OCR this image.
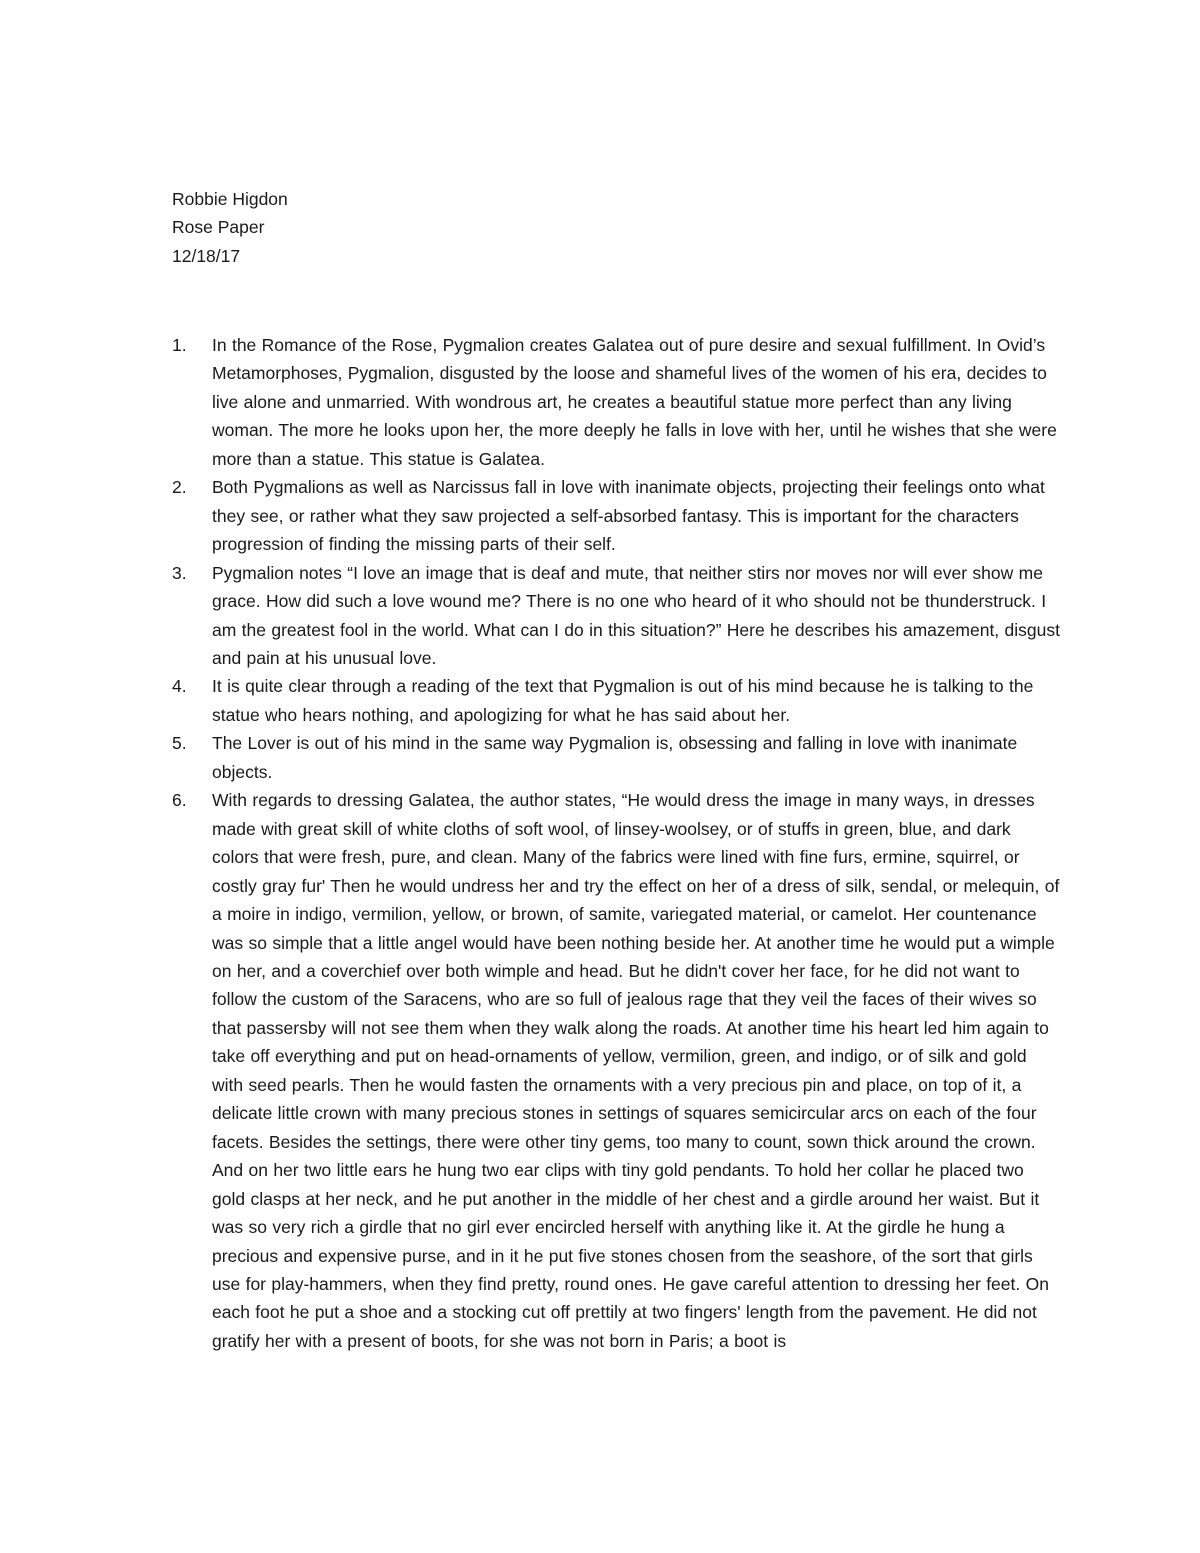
Robbie Higdon
Rose Paper
12/18/17
1.	In the Romance of the Rose, Pygmalion creates Galatea out of pure desire and sexual fulfillment. In Ovid’s Metamorphoses, Pygmalion, disgusted by the loose and shameful lives of the women of his era, decides to live alone and unmarried. With wondrous art, he creates a beautiful statue more perfect than any living woman. The more he looks upon her, the more deeply he falls in love with her, until he wishes that she were more than a statue. This statue is Galatea.
2.	Both Pygmalions as well as Narcissus fall in love with inanimate objects, projecting their feelings onto what they see, or rather what they saw projected a self-absorbed fantasy. This is important for the characters progression of finding the missing parts of their self.
3.	Pygmalion notes “I love an image that is deaf and mute, that neither stirs nor moves nor will ever show me grace. How did such a love wound me? There is no one who heard of it who should not be thunderstruck. I am the greatest fool in the world. What can I do in this situation?” Here he describes his amazement, disgust and pain at his unusual love.
4.	It is quite clear through a reading of the text that Pygmalion is out of his mind because he is talking to the statue who hears nothing, and apologizing for what he has said about her.
5.	The Lover is out of his mind in the same way Pygmalion is, obsessing and falling in love with inanimate objects.
6.	With regards to dressing Galatea, the author states, “He would dress the image in many ways, in dresses made with great skill of white cloths of soft wool, of linsey-woolsey, or of stuffs in green, blue, and dark colors that were fresh, pure, and clean. Many of the fabrics were lined with fine furs, ermine, squirrel, or costly gray fur' Then he would undress her and try the effect on her of a dress of silk, sendal, or melequin, of a moire in indigo, vermilion, yellow, or brown, of samite, variegated material, or camelot. Her countenance was so simple that a little angel would have been nothing beside her. At another time he would put a wimple on her, and a coverchief over both wimple and head. But he didn't cover her face, for he did not want to follow the custom of the Saracens, who are so full of jealous rage that they veil the faces of their wives so that passersby will not see them when they walk along the roads. At another time his heart led him again to take off everything and put on head-ornaments of yellow, vermilion, green, and indigo, or of silk and gold with seed pearls. Then he would fasten the ornaments with a very precious pin and place, on top of it, a delicate little crown with many precious stones in settings of squares semicircular arcs on each of the four facets. Besides the settings, there were other tiny gems, too many to count, sown thick around the crown. And on her two little ears he hung two ear clips with tiny gold pendants. To hold her collar he placed two gold clasps at her neck, and he put another in the middle of her chest and a girdle around her waist. But it was so very rich a girdle that no girl ever encircled herself with anything like it. At the girdle he hung a precious and expensive purse, and in it he put five stones chosen from the seashore, of the sort that girls use for play-hammers, when they find pretty, round ones. He gave careful attention to dressing her feet. On each foot he put a shoe and a stocking cut off prettily at two fingers' length from the pavement. He did not gratify her with a present of boots, for she was not born in Paris; a boot is
